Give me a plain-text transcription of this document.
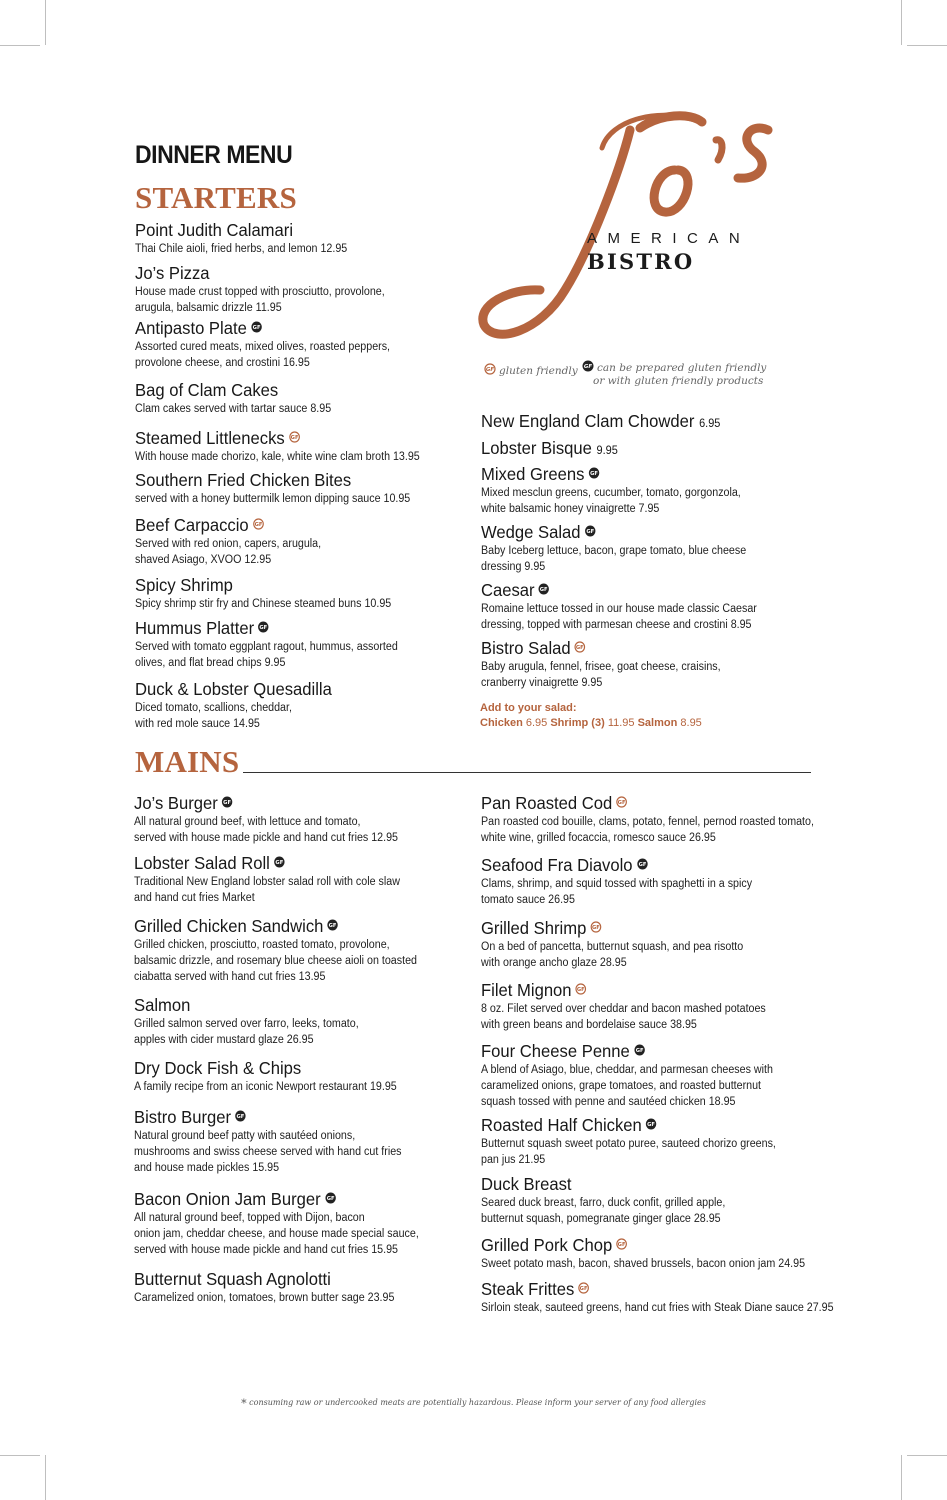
DINNER MENU
STARTERS

AMERICAN

BISTRO

GF gluten friendly GF can be prepared gluten friendly
or with gluten friendly products
Point Judith Calamari
Thai Chile aioli, fried herbs, and lemon 12.95
Jo’s Pizza
House made crust topped with prosciutto, provolone,
arugula, balsamic drizzle 11.95
Antipasto Plate GF
Assorted cured meats, mixed olives, roasted peppers,
provolone cheese, and crostini 16.95
Bag of Clam Cakes
Clam cakes served with tartar sauce 8.95
Steamed Littlenecks GF
With house made chorizo, kale, white wine clam broth 13.95
Southern Fried Chicken Bites
served with a honey buttermilk lemon dipping sauce 10.95
Beef Carpaccio GF
Served with red onion, capers, arugula,
shaved Asiago, XVOO 12.95
Spicy Shrimp
Spicy shrimp stir fry and Chinese steamed buns 10.95
Hummus Platter GF
Served with tomato eggplant ragout, hummus, assorted
olives, and flat bread chips 9.95
Duck & Lobster Quesadilla
Diced tomato, scallions, cheddar,
with red mole sauce 14.95
New England Clam Chowder 6.95
Lobster Bisque 9.95
Mixed Greens GF
Mixed mesclun greens, cucumber, tomato, gorgonzola,
white balsamic honey vinaigrette 7.95
Wedge Salad GF
Baby Iceberg lettuce, bacon, grape tomato, blue cheese
dressing 9.95
Caesar GF
Romaine lettuce tossed in our house made classic Caesar
dressing, topped with parmesan cheese and crostini 8.95
Bistro Salad GF
Baby arugula, fennel, frisee, goat cheese, craisins,
cranberry vinaigrette 9.95
Add to your salad:
Chicken 6.95 Shrimp (3) 11.95 Salmon 8.95
MAINS
Jo’s Burger GF
All natural ground beef, with lettuce and tomato,
served with house made pickle and hand cut fries 12.95
Lobster Salad Roll GF
Traditional New England lobster salad roll with cole slaw
and hand cut fries Market
Grilled Chicken Sandwich GF
Grilled chicken, prosciutto, roasted tomato, provolone,
balsamic drizzle, and rosemary blue cheese aioli on toasted
ciabatta served with hand cut fries 13.95
Salmon
Grilled salmon served over farro, leeks, tomato,
apples with cider mustard glaze 26.95
Dry Dock Fish & Chips
A family recipe from an iconic Newport restaurant 19.95
Bistro Burger GF
Natural ground beef patty with sautéed onions,
mushrooms and swiss cheese served with hand cut fries
and house made pickles 15.95
Bacon Onion Jam Burger GF
All natural ground beef, topped with Dijon, bacon
onion jam, cheddar cheese, and house made special sauce,
served with house made pickle and hand cut fries 15.95
Butternut Squash Agnolotti
Caramelized onion, tomatoes, brown butter sage 23.95
Pan Roasted Cod GF
Pan roasted cod bouille, clams, potato, fennel, pernod roasted tomato,
white wine, grilled focaccia, romesco sauce 26.95
Seafood Fra Diavolo GF
Clams, shrimp, and squid tossed with spaghetti in a spicy
tomato sauce 26.95
Grilled Shrimp GF
On a bed of pancetta, butternut squash, and pea risotto
with orange ancho glaze 28.95
Filet Mignon GF
8 oz. Filet served over cheddar and bacon mashed potatoes
with green beans and bordelaise sauce 38.95
Four Cheese Penne GF
A blend of Asiago, blue, cheddar, and parmesan cheeses with
caramelized onions, grape tomatoes, and roasted butternut
squash tossed with penne and sautéed chicken 18.95
Roasted Half Chicken GF
Butternut squash sweet potato puree, sauteed chorizo greens,
pan jus 21.95
Duck Breast
Seared duck breast, farro, duck confit, grilled apple,
butternut squash, pomegranate ginger glace 28.95
Grilled Pork Chop GF
Sweet potato mash, bacon, shaved brussels, bacon onion jam 24.95
Steak Frittes GF
Sirloin steak, sauteed greens, hand cut fries with Steak Diane sauce 27.95
* consuming raw or undercooked meats are potentially hazardous. Please inform your server of any food allergies
